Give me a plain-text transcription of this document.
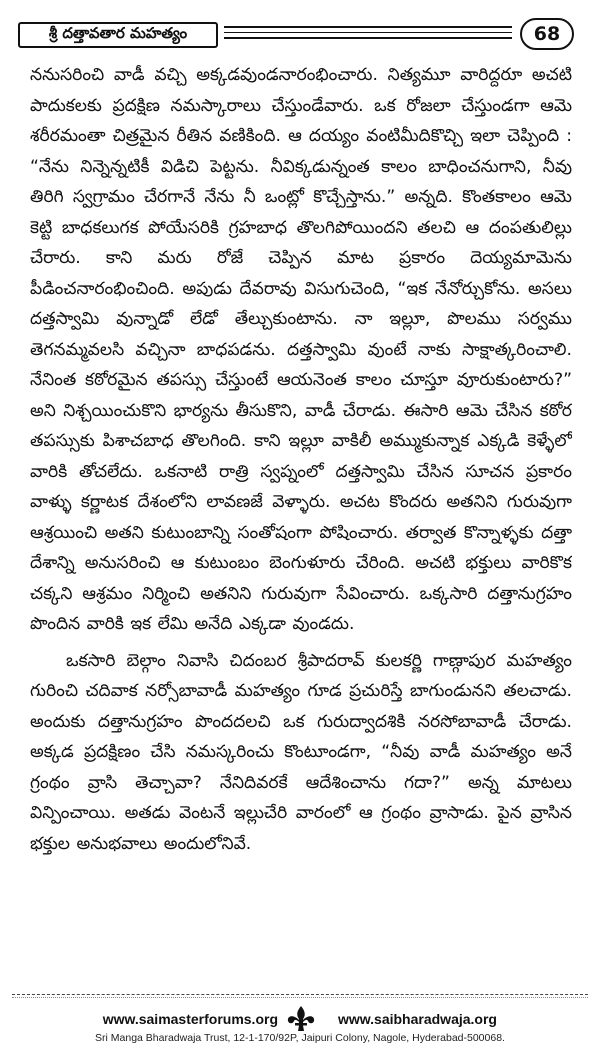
శ్రీ దత్తావతార మహత్యం	68

ననుసరించి వాడీ వచ్చి అక్కడవుండనారంభించారు. నిత్యమూ వారిద్దరూ అచటి పాదుకలకు ప్రదక్షిణ నమస్కారాలు చేస్తుండేవారు. ఒక రోజలా చేస్తుండగా ఆమె శరీరమంతా చిత్రమైన రీతిన వణికింది. ఆ దయ్యం వంటిమీదికొచ్చి ఇలా చెప్పింది : “నేను నిన్నెన్నటికీ విడిచి పెట్టను. నీవిక్కడున్నంత కాలం బాధించనుగాని, నీవు తిరిగి స్వగ్రామం చేరగానే నేను నీ ఒంట్లో కొచ్చేస్తాను.” అన్నది. కొంతకాలం ఆమె కెట్టి బాధకలుగక పోయేసరికి గ్రహబాధ తొలగిపోయిందని తలచి ఆ దంపతులిల్లు చేరారు. కాని మరు రోజే చెప్పిన మాట ప్రకారం దెయ్యమామెను పీడించనారంభించింది. అపుడు దేవరావు విసుగుచెంది, “ఇక నేనోర్చుకోను. అసలు దత్తస్వామి వున్నాడో లేడో తేల్చుకుంటాను. నా ఇల్లూ, పొలము సర్వము తెగనమ్మవలసి వచ్చినా బాధపడను. దత్తస్వామి వుంటే నాకు సాక్షాత్కరించాలి. నేనింత కఠోరమైన తపస్సు చేస్తుంటే ఆయనెంత కాలం చూస్తూ వూరుకుంటారు?” అని నిశ్చయించుకొని భార్యను తీసుకొని, వాడీ చేరాడు. ఈసారి ఆమె చేసిన కఠోర తపస్సుకు పిశాచబాధ తొలగింది. కాని ఇల్లూ వాకిలీ అమ్ముకున్నాక ఎక్కడి కెళ్ళేలో వారికి తోచలేదు. ఒకనాటి రాత్రి స్వప్నంలో దత్తస్వామి చేసిన సూచన ప్రకారం వాళ్ళు కర్ణాటక దేశంలోని లావణజే వెళ్ళారు. అచట కొందరు అతనిని గురువుగా ఆశ్రయించి అతని కుటుంబాన్ని సంతోషంగా పోషించారు. తర్వాత కొన్నాళ్ళకు దత్తా దేశాన్ని అనుసరించి ఆ కుటుంబం బెంగుళూరు చేరింది. అచటి భక్తులు వారికొక చక్కని ఆశ్రమం నిర్మించి అతనిని గురువుగా సేవించారు. ఒక్కసారి దత్తానుగ్రహం పొందిన వారికి ఇక లేమి అనేది ఎక్కడా వుండదు.

ఒకసారి బెల్గాం నివాసి చిదంబర శ్రీపాదరావ్ కులకర్ణి గాణ్గాపుర మహత్యం గురించి చదివాక నర్సోబావాడీ మహత్యం గూడ ప్రచురిస్తే బాగుండునని తలచాడు. అందుకు దత్తానుగ్రహం పొందదలచి ఒక గురుద్వాదశికి నరసోబావాడీ చేరాడు. అక్కడ ప్రదక్షిణం చేసి నమస్కరించు కొంటూండగా, “నీవు వాడీ మహత్యం అనే గ్రంథం వ్రాసి తెచ్చావా? నేనిదివరకే ఆదేశించాను గదా?” అన్న మాటలు విన్పించాయి. అతడు వెంటనే ఇల్లుచేరి వారంలో ఆ గ్రంథం వ్రాసాడు. పైన వ్రాసిన భక్తుల అనుభవాలు అందులోనివే.

www.saimasterforums.org	www.saibharadwaja.org
Sri Manga Bharadwaja Trust, 12-1-170/92P, Jaipuri Colony, Nagole, Hyderabad-500068.
